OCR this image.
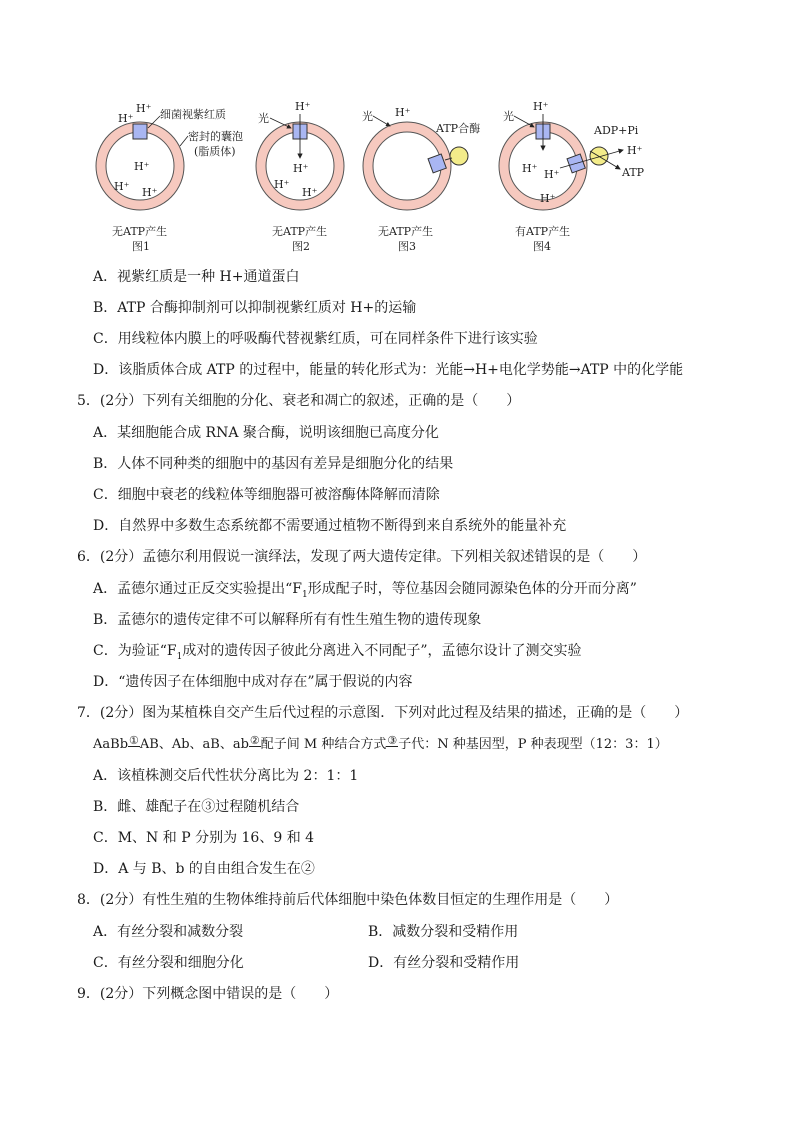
H⁺
H⁺ 细菌视紫红质
密封的囊泡
(脂质体)
H⁺
H⁺ H⁺
无ATP产生
图1
光
H⁺
H⁺
H⁺
H⁺
无ATP产生
图2
光 H⁺
ATP合酶
无ATP产生
图3
光
H⁺
ADP+Pi
H⁺
ATP
H⁺ H⁺
H⁺
有ATP产生
图4
A．视紫红质是一种 H+通道蛋白
B．ATP 合酶抑制剂可以抑制视紫红质对 H+的运输
C．用线粒体内膜上的呼吸酶代替视紫红质，可在同样条件下进行该实验
D．该脂质体合成 ATP 的过程中，能量的转化形式为：光能→H+电化学势能→ATP 中的化学能
5．(2分）下列有关细胞的分化、衰老和凋亡的叙述，正确的是（　　）
A．某细胞能合成 RNA 聚合酶，说明该细胞已高度分化
B．人体不同种类的细胞中的基因有差异是细胞分化的结果
C．细胞中衰老的线粒体等细胞器可被溶酶体降解而清除
D．自然界中多数生态系统都不需要通过植物不断得到来自系统外的能量补充
6．(2分）孟德尔利用假说一演绎法，发现了两大遗传定律。下列相关叙述错误的是（　　）
A．孟德尔通过正反交实验提出“$F_1$形成配子时，等位基因会随同源染色体的分开而分离”
B．孟德尔的遗传定律不可以解释所有有性生殖生物的遗传现象
C．为验证“$F_1$成对的遗传因子彼此分离进入不同配子”，孟德尔设计了测交实验
D．“遗传因子在体细胞中成对存在”属于假说的内容
7．(2分）图为某植株自交产生后代过程的示意图．下列对此过程及结果的描述，正确的是（　　）
AaBb①AB、Ab、aB、ab②配子间 M 种结合方式③子代：N 种基因型，P 种表现型（12：3：1）
A．该植株测交后代性状分离比为 2：1：1
B．雌、雄配子在③过程随机结合
C．M、N 和 P 分别为 16、9 和 4
D．A 与 B、b 的自由组合发生在②
8．(2分）有性生殖的生物体维持前后代体细胞中染色体数目恒定的生理作用是（　　）
A．有丝分裂和减数分裂	B．减数分裂和受精作用
C．有丝分裂和细胞分化	D．有丝分裂和受精作用
9．(2分）下列概念图中错误的是（　　）
